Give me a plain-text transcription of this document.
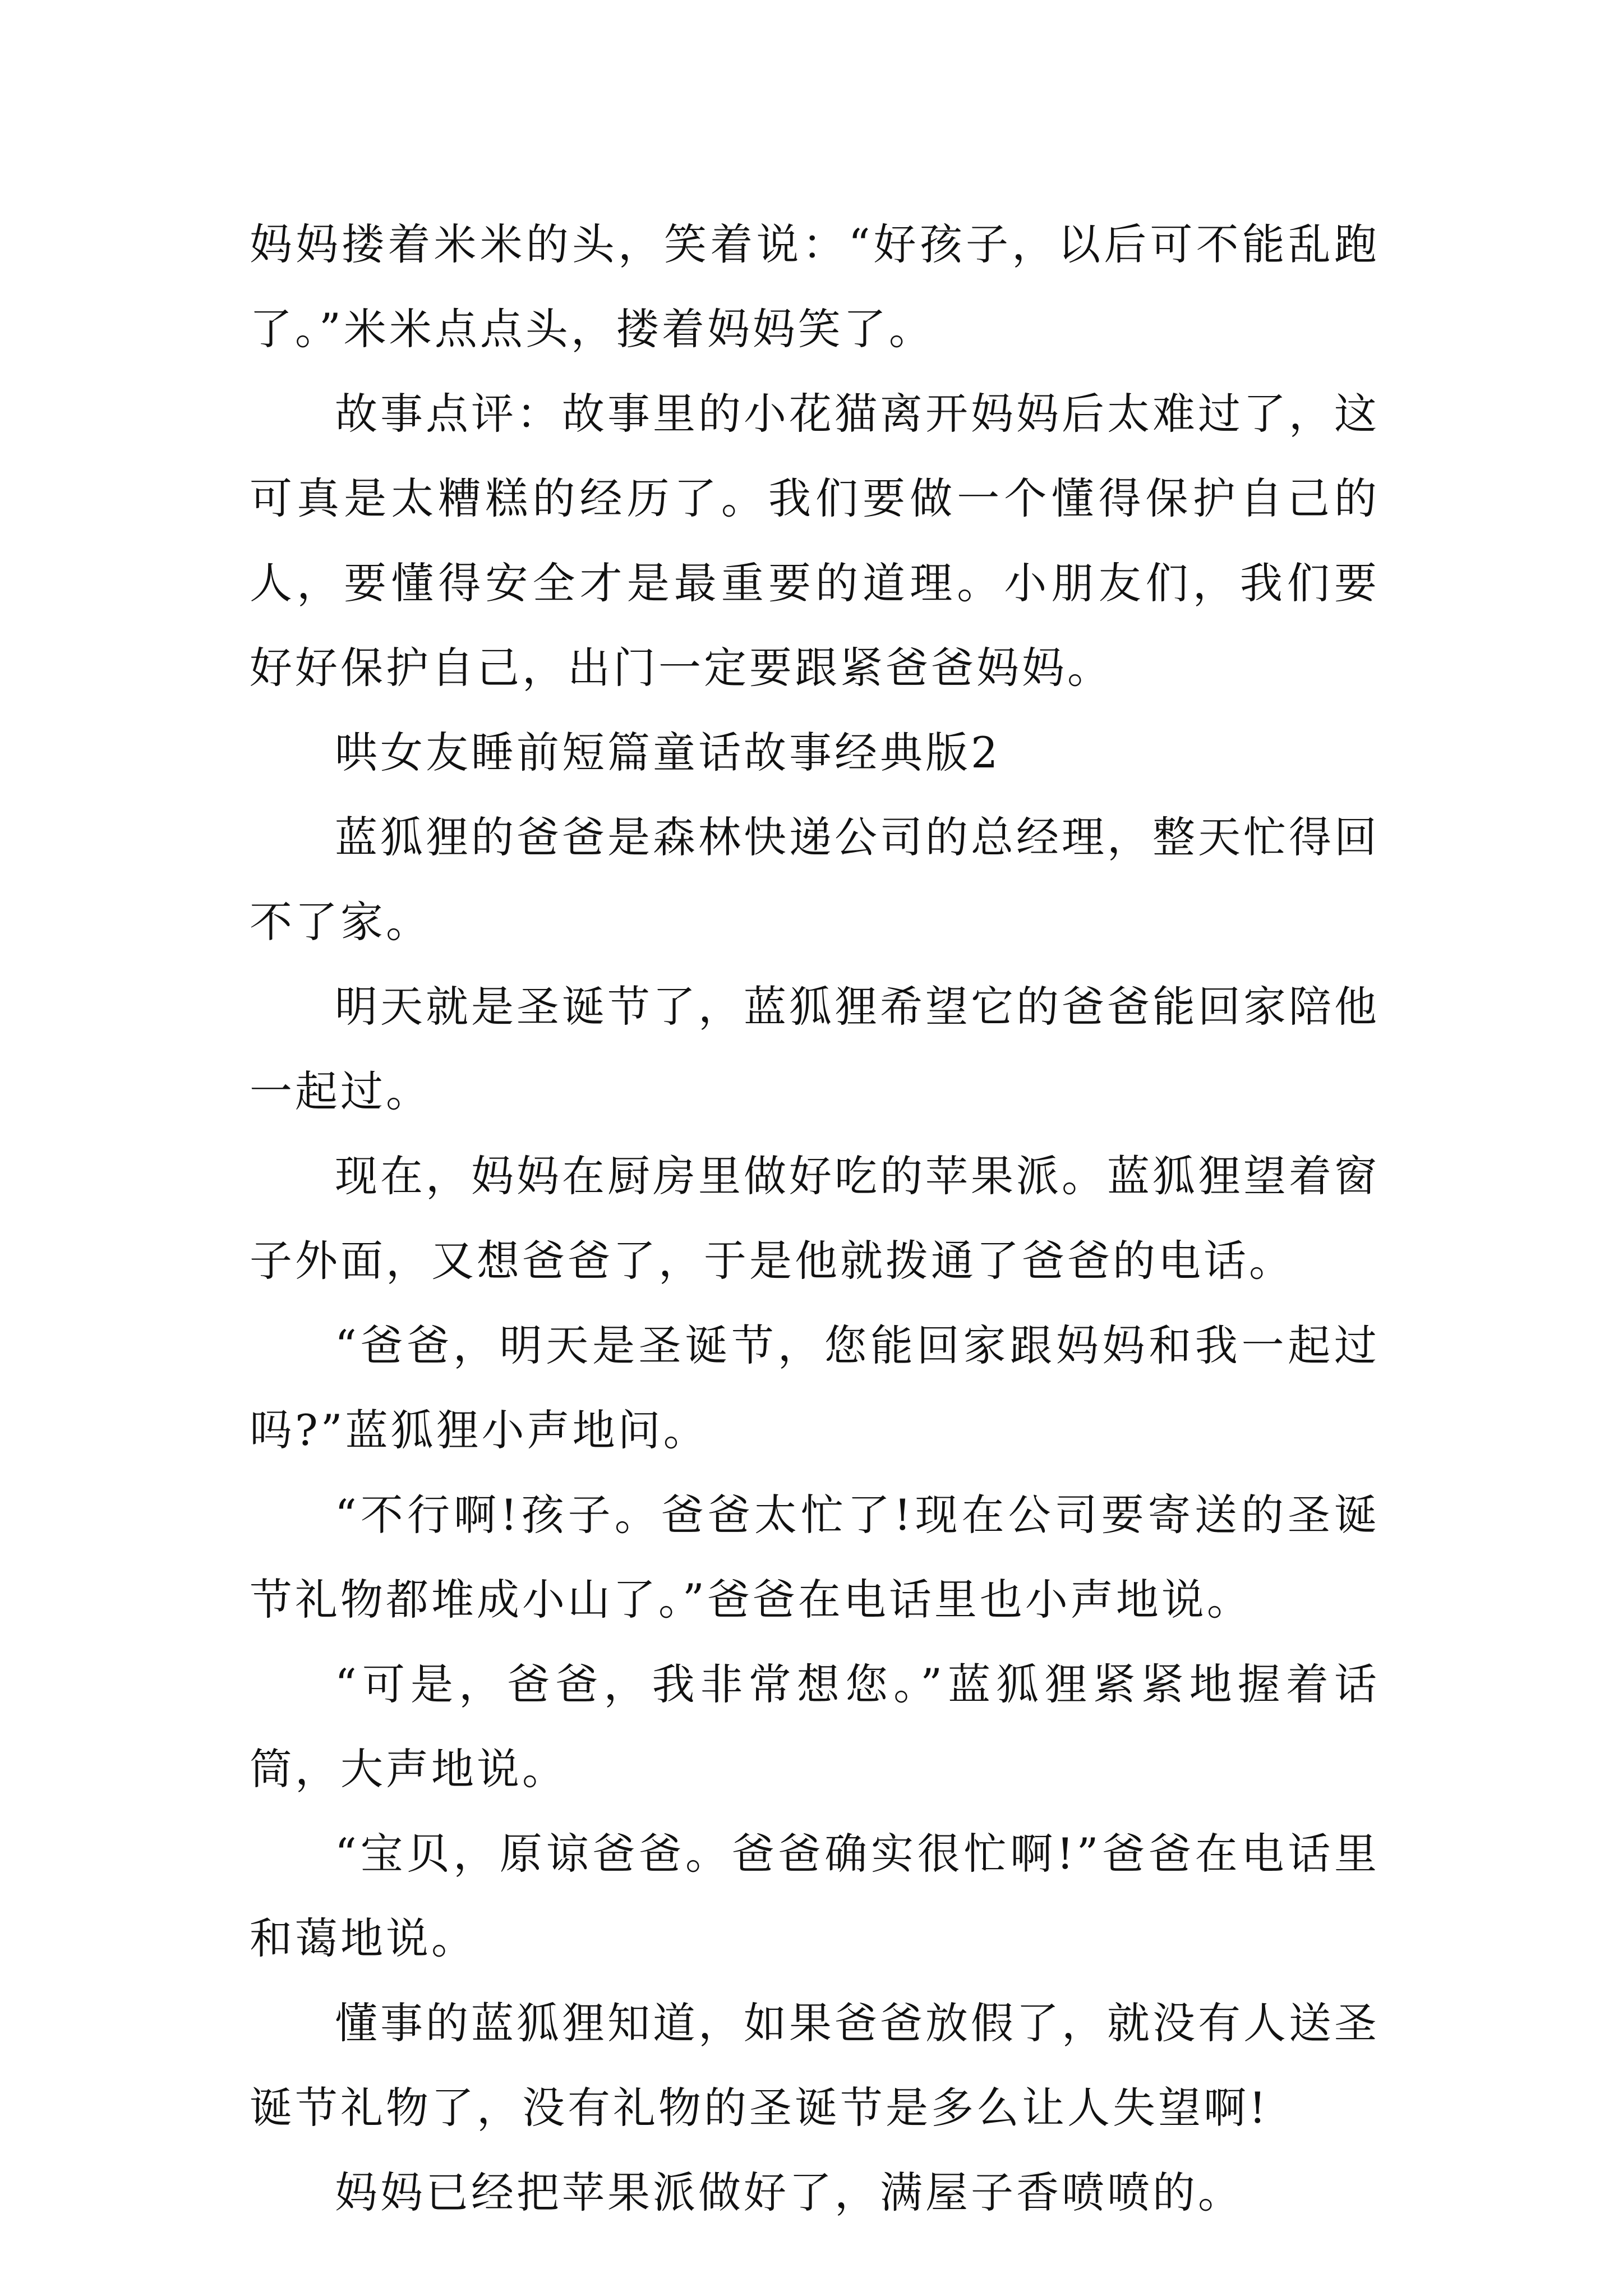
妈妈搂着米米的头，笑着说：“好孩子，以后可不能乱跑了。”米米点点头，搂着妈妈笑了。

故事点评：故事里的小花猫离开妈妈后太难过了，这可真是太糟糕的经历了。我们要做一个懂得保护自己的人，要懂得安全才是最重要的道理。小朋友们，我们要好好保护自己，出门一定要跟紧爸爸妈妈。

哄女友睡前短篇童话故事经典版2

蓝狐狸的爸爸是森林快递公司的总经理，整天忙得回不了家。

明天就是圣诞节了，蓝狐狸希望它的爸爸能回家陪他一起过。

现在，妈妈在厨房里做好吃的苹果派。蓝狐狸望着窗子外面，又想爸爸了，于是他就拨通了爸爸的电话。

“爸爸，明天是圣诞节，您能回家跟妈妈和我一起过吗?”蓝狐狸小声地问。

“不行啊!孩子。爸爸太忙了!现在公司要寄送的圣诞节礼物都堆成小山了。”爸爸在电话里也小声地说。

“可是，爸爸，我非常想您。”蓝狐狸紧紧地握着话筒，大声地说。

“宝贝，原谅爸爸。爸爸确实很忙啊!”爸爸在电话里和蔼地说。

懂事的蓝狐狸知道，如果爸爸放假了，就没有人送圣诞节礼物了，没有礼物的圣诞节是多么让人失望啊!

妈妈已经把苹果派做好了，满屋子香喷喷的。
